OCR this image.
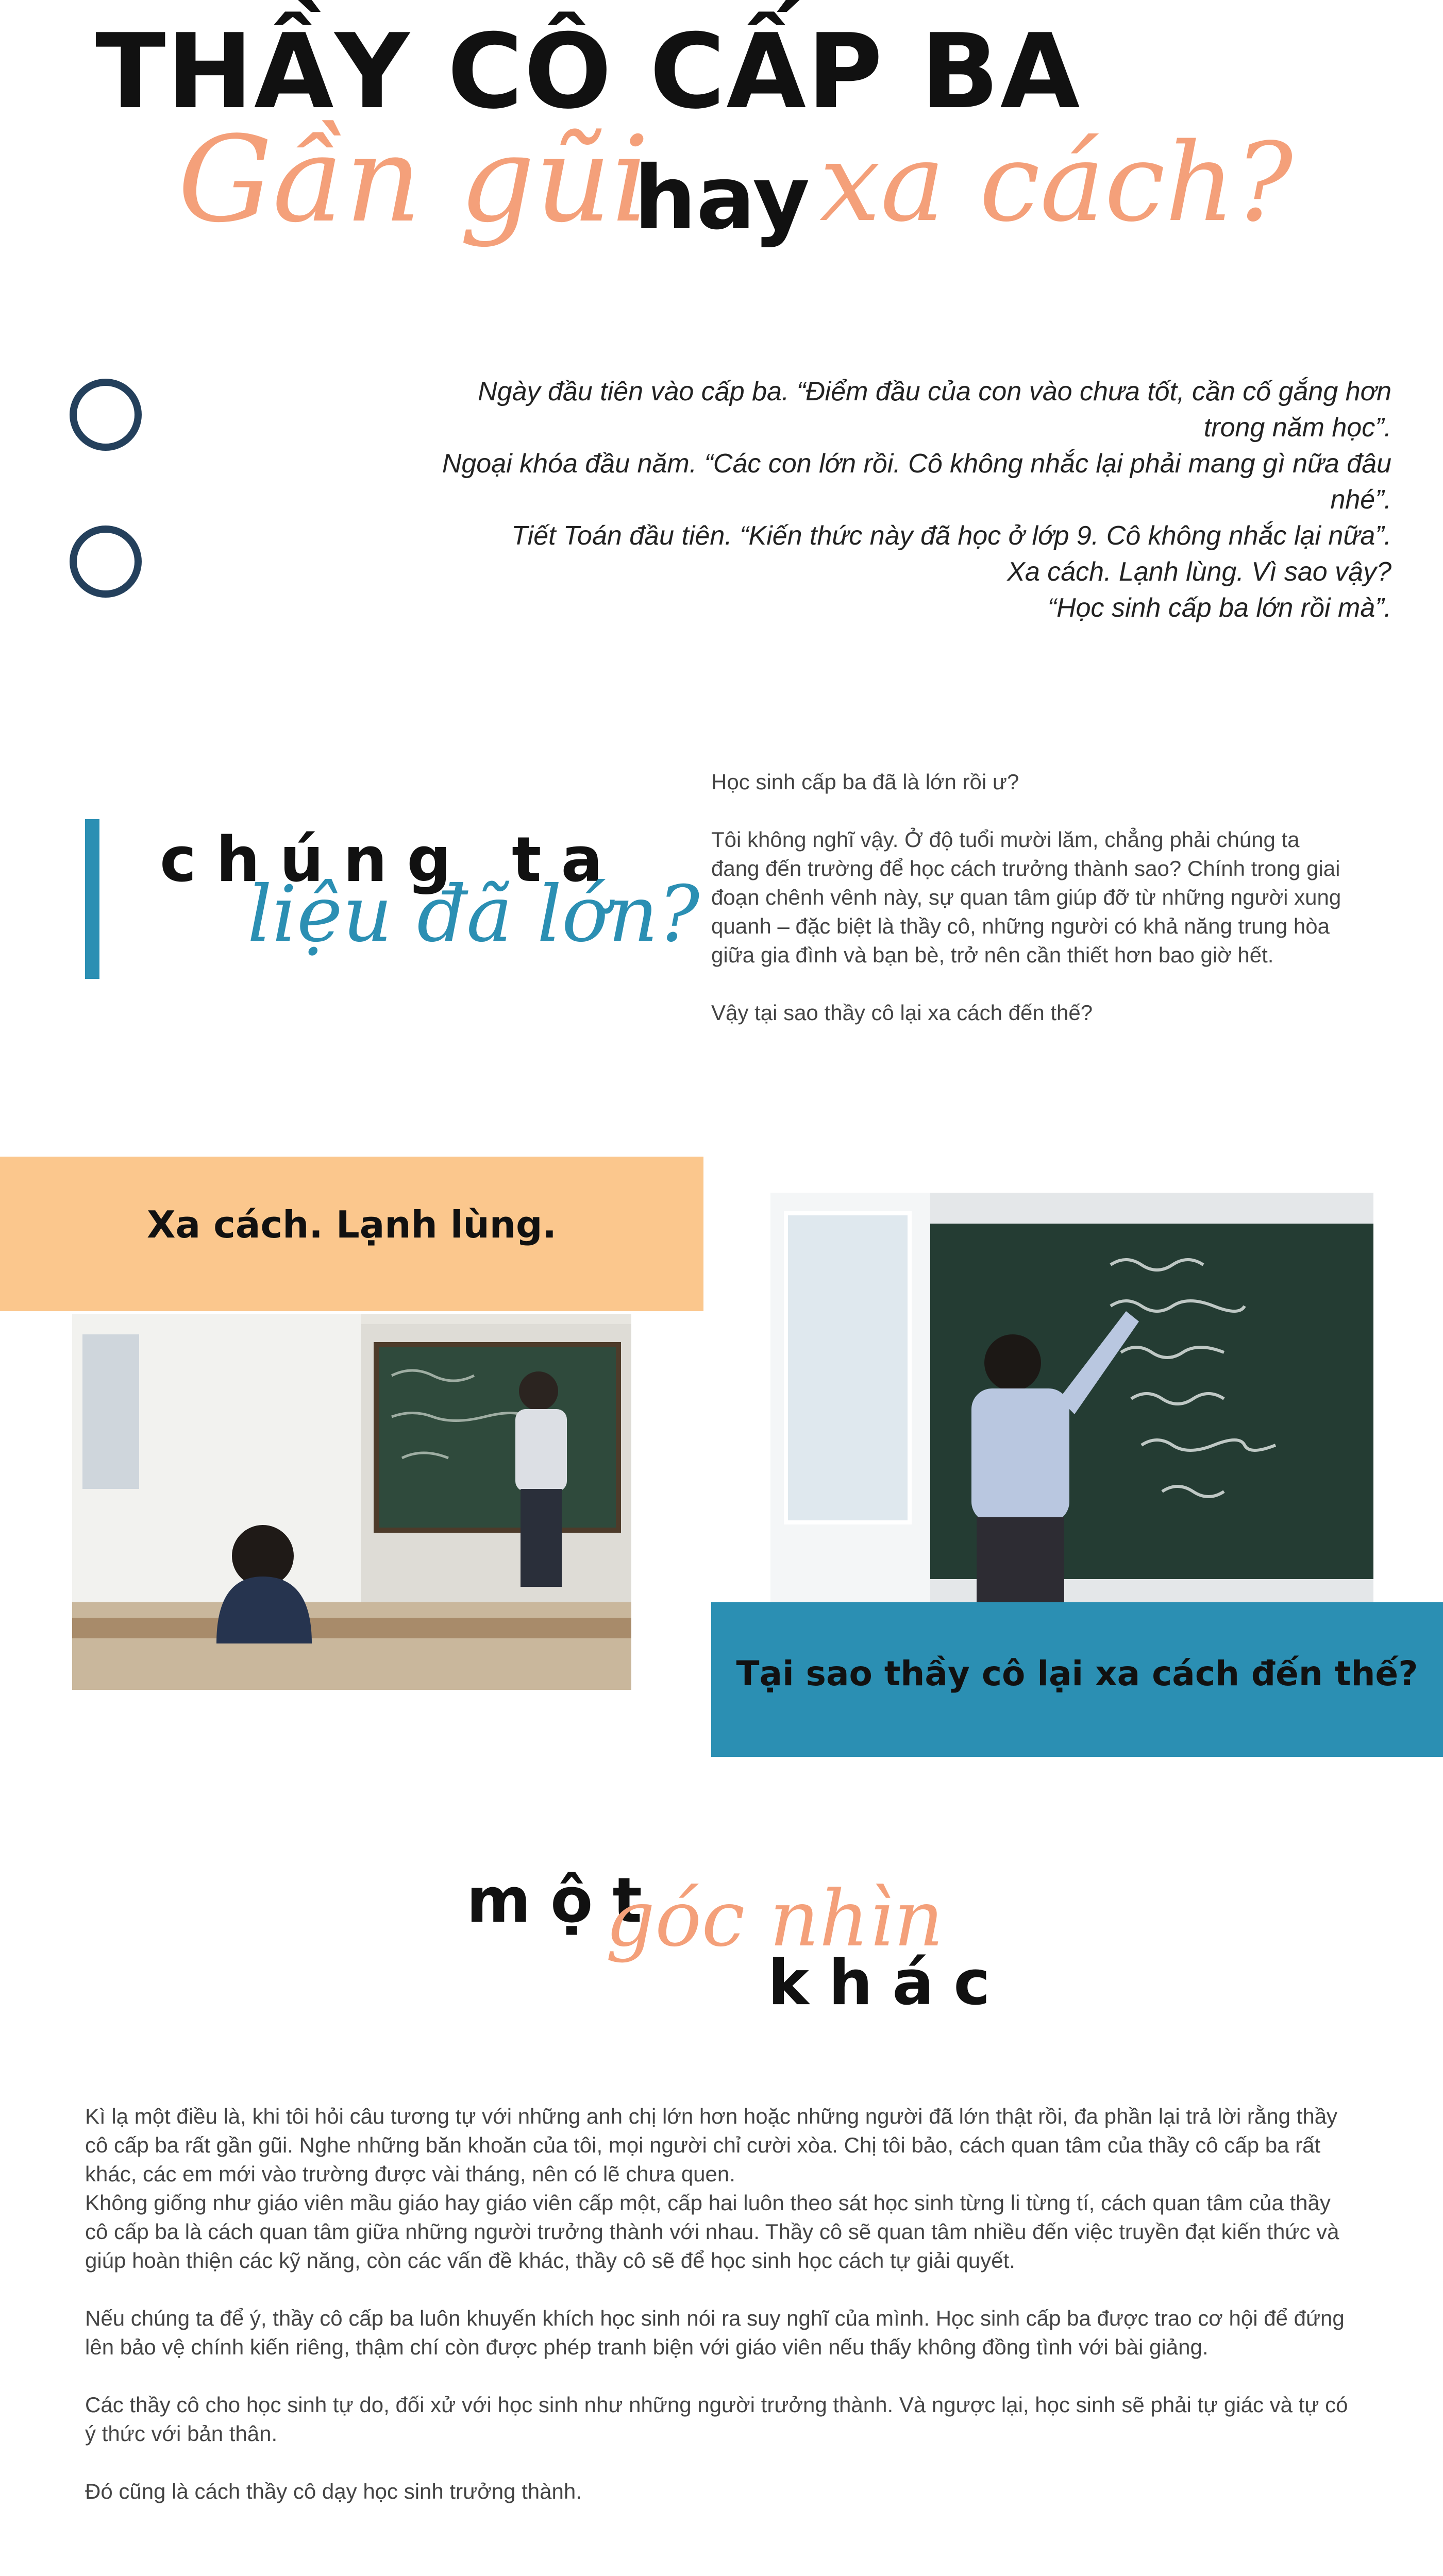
THẦY CÔ CẤP BA
Gần gũi
hay xa cách?

Ngày đầu tiên vào cấp ba. “Điểm đầu của con vào chưa tốt, cần cố gắng hơn trong năm học”.

Ngoại khóa đầu năm. “Các con lớn rồi. Cô không nhắc lại phải mang gì nữa đâu nhé”.

Tiết Toán đầu tiên. “Kiến thức này đã học ở lớp 9. Cô không nhắc lại nữa”.

Xa cách. Lạnh lùng. Vì sao vậy?

“Học sinh cấp ba lớn rồi mà”.

chúng ta
liệu đã lớn?

Học sinh cấp ba đã là lớn rồi ư?

Tôi không nghĩ vậy. Ở độ tuổi mười lăm, chẳng phải chúng ta đang đến trường để học cách trưởng thành sao? Chính trong giai đoạn chênh vênh này, sự quan tâm giúp đỡ từ những người xung quanh – đặc biệt là thầy cô, những người có khả năng trung hòa giữa gia đình và bạn bè, trở nên cần thiết hơn bao giờ hết.

Vậy tại sao thầy cô lại xa cách đến thế?

Xa cách. Lạnh lùng.
Tại sao thầy cô lại xa cách đến thế?
một
góc nhìn
khác

Kì lạ một điều là, khi tôi hỏi câu tương tự với những anh chị lớn hơn hoặc những người đã lớn thật rồi, đa phần lại trả lời rằng thầy cô cấp ba rất gần gũi. Nghe những băn khoăn của tôi, mọi người chỉ cười xòa. Chị tôi bảo, cách quan tâm của thầy cô cấp ba rất khác, các em mới vào trường được vài tháng, nên có lẽ chưa quen.

Không giống như giáo viên mầu giáo hay giáo viên cấp một, cấp hai luôn theo sát học sinh từng li từng tí, cách quan tâm của thầy cô cấp ba là cách quan tâm giữa những người trưởng thành với nhau. Thầy cô sẽ quan tâm nhiều đến việc truyền đạt kiến thức và giúp hoàn thiện các kỹ năng, còn các vấn đề khác, thầy cô sẽ để học sinh học cách tự giải quyết.

Nếu chúng ta để ý, thầy cô cấp ba luôn khuyến khích học sinh nói ra suy nghĩ của mình. Học sinh cấp ba được trao cơ hội để đứng lên bảo vệ chính kiến riêng, thậm chí còn được phép tranh biện với giáo viên nếu thấy không đồng tình với bài giảng.

Các thầy cô cho học sinh tự do, đối xử với học sinh như những người trưởng thành. Và ngược lại, học sinh sẽ phải tự giác và tự có ý thức với bản thân.

Đó cũng là cách thầy cô dạy học sinh trưởng thành.
